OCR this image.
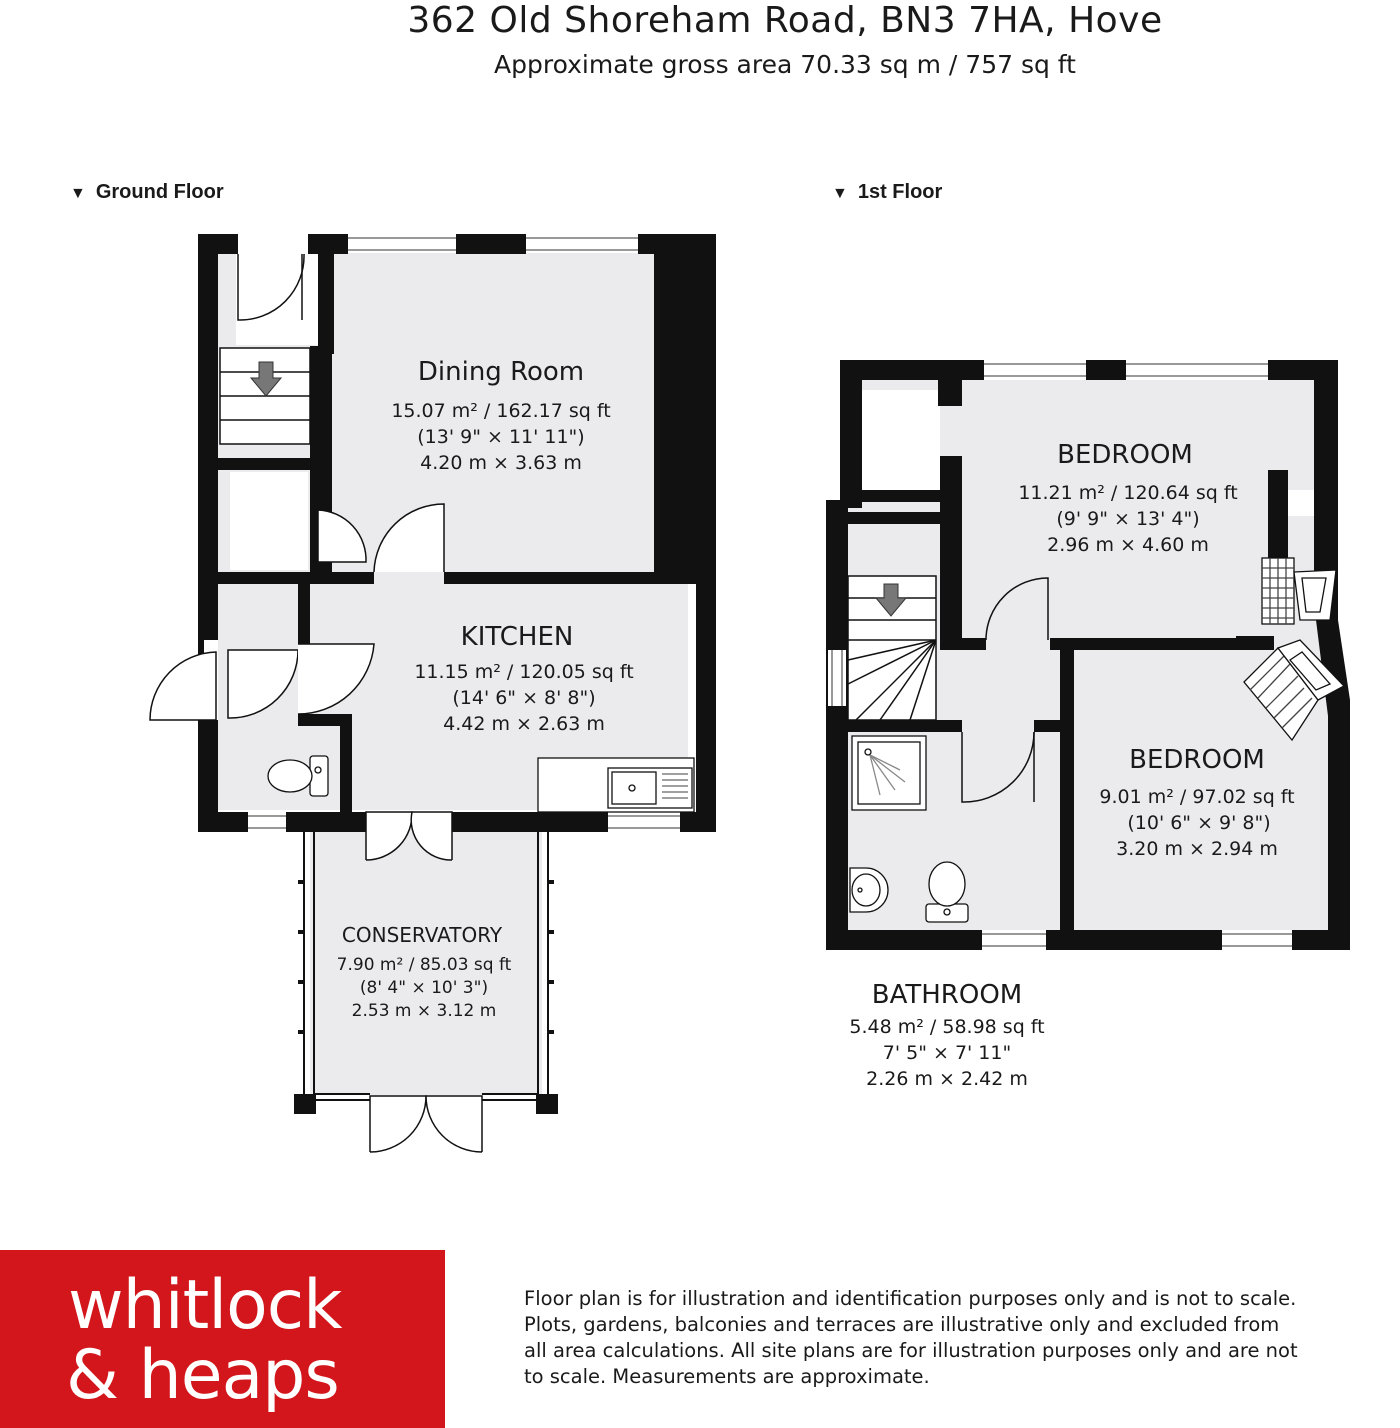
362 Old Shoreham Road, BN3 7HA, Hove
Approximate gross area 70.33 sq m / 757 sq ft
▼ Ground Floor	▼ 1st Floor
Dining Room
15.07 m² / 162.17 sq ft
(13' 9" × 11' 11")
4.20 m × 3.63 m
KITCHEN
11.15 m² / 120.05 sq ft
(14' 6" × 8' 8")
4.42 m × 2.63 m
CONSERVATORY
7.90 m² / 85.03 sq ft
(8' 4" × 10' 3")
2.53 m × 3.12 m
BEDROOM
11.21 m² / 120.64 sq ft
(9' 9" × 13' 4")
2.96 m × 4.60 m
BEDROOM
9.01 m² / 97.02 sq ft
(10' 6" × 9' 8")
3.20 m × 2.94 m
BATHROOM
5.48 m² / 58.98 sq ft
7' 5" × 7' 11"
2.26 m × 2.42 m
whitlock
& heaps
Floor plan is for illustration and identification purposes only and is not to scale.
Plots, gardens, balconies and terraces are illustrative only and excluded from
all area calculations. All site plans are for illustration purposes only and are not
to scale. Measurements are approximate.
